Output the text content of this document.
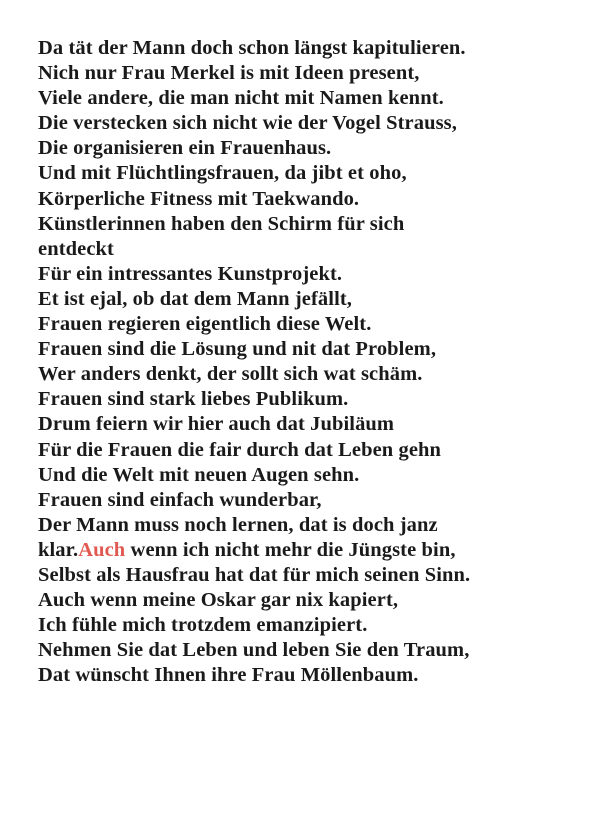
Da tät der Mann doch schon längst kapitulieren.
Nich nur Frau Merkel is mit Ideen present,
Viele andere, die man nicht mit Namen kennt.
Die verstecken sich nicht wie der Vogel Strauss,
Die organisieren ein Frauenhaus.
Und mit Flüchtlingsfrauen, da jibt et oho,
Körperliche Fitness mit Taekwando.
Künstlerinnen haben den Schirm für sich
entdeckt
Für ein intressantes Kunstprojekt.
Et ist ejal, ob dat dem Mann jefällt,
Frauen regieren eigentlich diese Welt.
Frauen sind die Lösung und nit dat Problem,
Wer anders denkt, der sollt sich wat schäm.
Frauen sind stark liebes Publikum.
Drum feiern wir hier auch dat Jubiläum
Für die Frauen die fair durch dat Leben gehn
Und die Welt mit neuen Augen sehn.
Frauen sind einfach wunderbar,
Der Mann muss noch lernen, dat is doch janz
klar.Auch wenn ich nicht mehr die Jüngste bin,
Selbst als Hausfrau hat dat für mich seinen Sinn.
Auch wenn meine Oskar gar nix kapiert,
Ich fühle mich trotzdem emanzipiert.
Nehmen Sie dat Leben und leben Sie den Traum,
Dat wünscht Ihnen ihre Frau Möllenbaum.
